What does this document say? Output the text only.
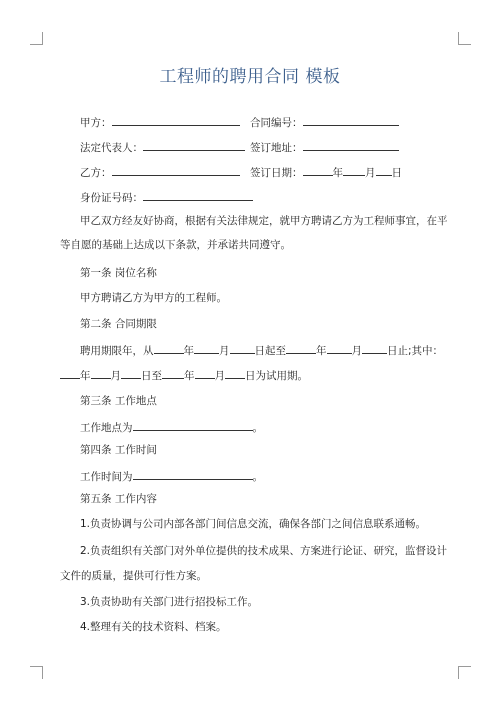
工程师的聘用合同 模板
甲方：	合同编号：
法定代表人：	签订地址：
乙方：	签订日期：	年 月 日
身份证号码：
甲乙双方经友好协商，根据有关法律规定，就甲方聘请乙方为工程师事宜，在平
等自愿的基础上达成以下条款，并承诺共同遵守。
第一条 岗位名称
甲方聘请乙方为甲方的工程师。
第二条 合同期限
聘用期限年，从	年 月 日起至	年 月 日止;其中：
年 月 日至 年 月 日为试用期。
第三条 工作地点
工作地点为	。
第四条 工作时间
工作时间为	。
第五条 工作内容
1.负责协调与公司内部各部门间信息交流，确保各部门之间信息联系通畅。
2.负责组织有关部门对外单位提供的技术成果、方案进行论证、研究，监督设计
文件的质量，提供可行性方案。
3.负责协助有关部门进行招投标工作。
4.整理有关的技术资料、档案。
